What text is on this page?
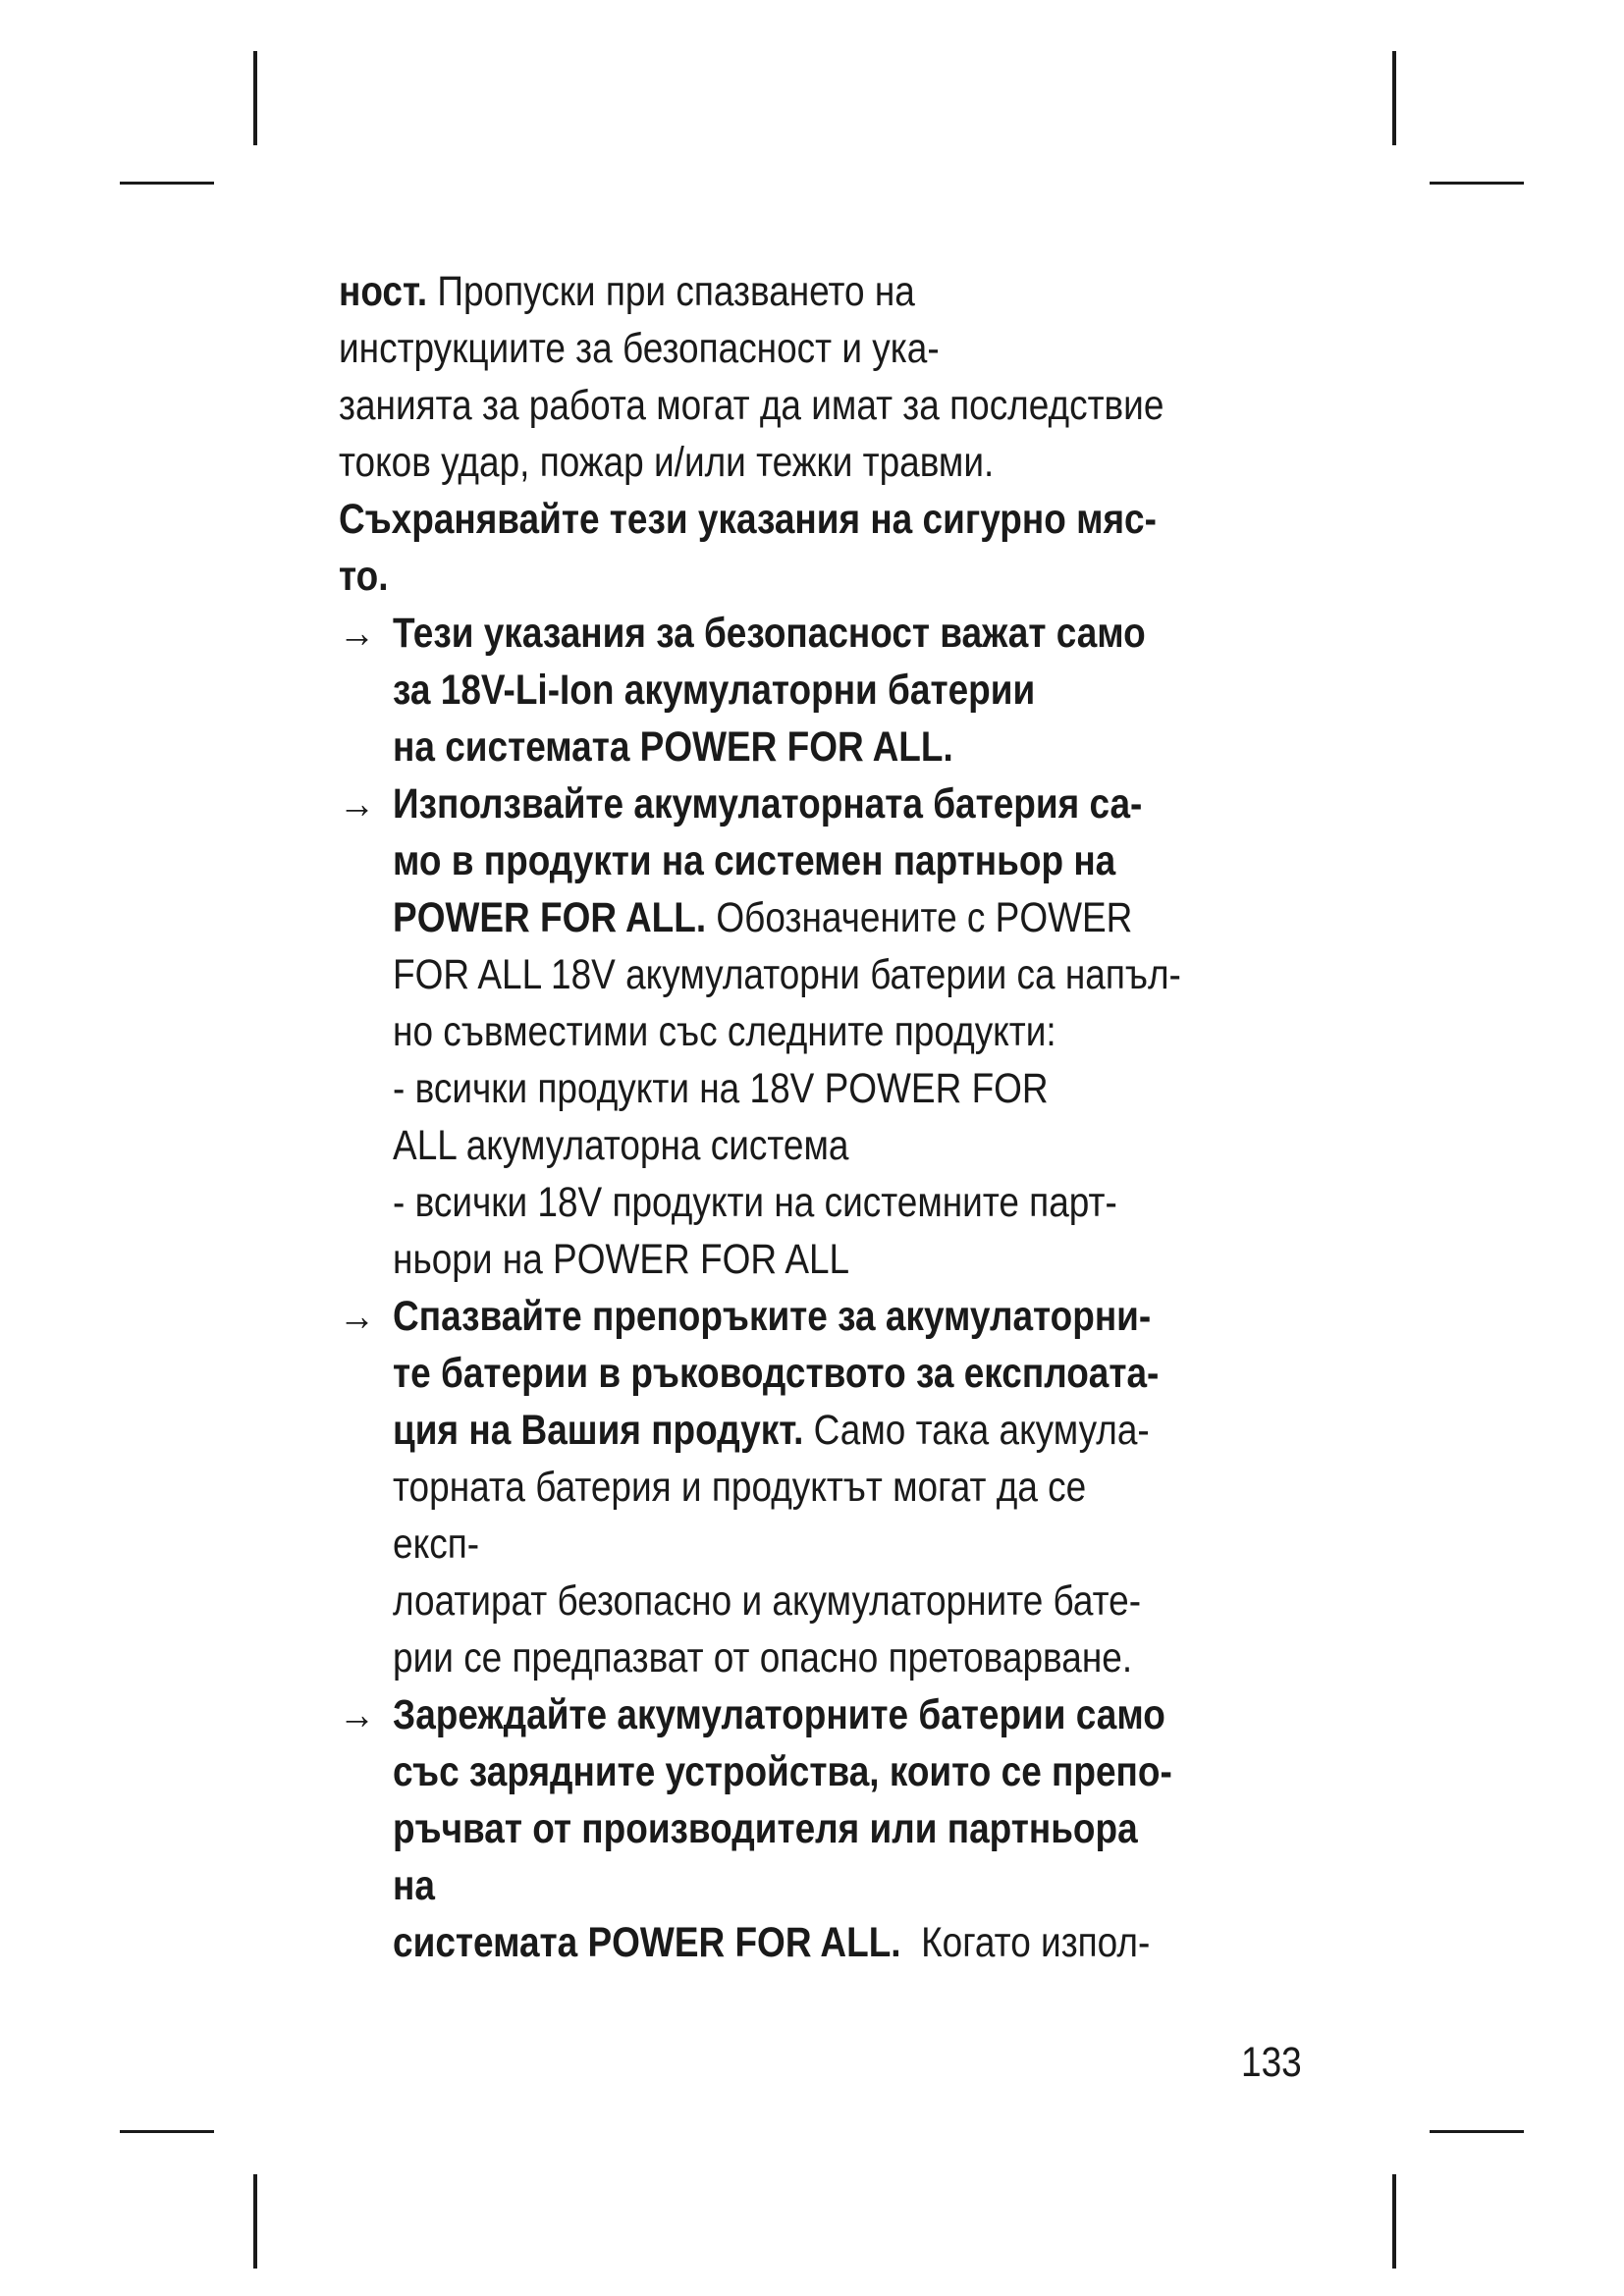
ност. Пропуски при спазването на
инструкциите за безопасност и ука-
занията за работа могат да имат за последствие
токов удар, пожар и/или тежки травми.
Съхранявайте тези указания на сигурно мяс-
то.
→ Тези указания за безопасност важат само
за 18V-Li-Ion акумулаторни батерии
на системата POWER FOR ALL.
→ Използвайте акумулаторната батерия са-
мо в продукти на системен партньор на
POWER FOR ALL. Обозначените с POWER
FOR ALL 18V акумулаторни батерии са напъл-
но съвместими със следните продукти:
- всички продукти на 18V POWER FOR
ALL акумулаторна система
- всички 18V продукти на системните парт-
ньори на POWER FOR ALL
→ Спазвайте препоръките за акумулаторни-
те батерии в ръководството за експлоата-
ция на Вашия продукт. Само така акумула-
торната батерия и продуктът могат да се
експ-
лоатират безопасно и акумулаторните бате-
рии се предпазват от опасно претоварване.
→ Зареждайте акумулаторните батерии само
със зарядните устройства, които се препо-
ръчват от производителя или партньора
на
системата POWER FOR ALL.  Когато изпол-
133
